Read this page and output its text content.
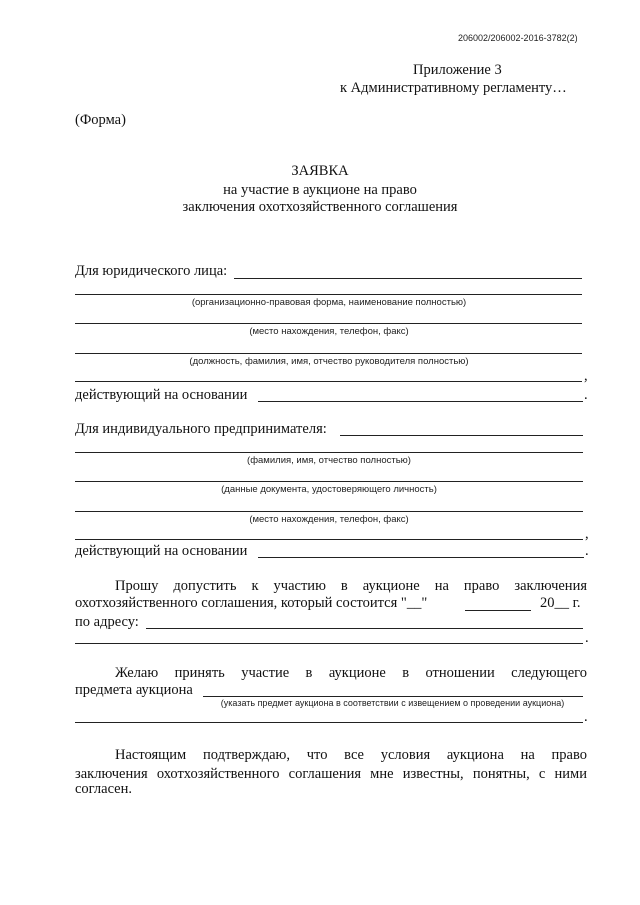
206002/206002-2016-3782(2)
Приложение 3
к Административному регламенту…
(Форма)
ЗАЯВКА
на участие в аукционе на право
заключения охотхозяйственного соглашения
Для юридического лица:
(организационно-правовая форма, наименование полностью)
(место нахождения, телефон, факс)
(должность, фамилия, имя, отчество руководителя полностью)
,
действующий на основании	.
Для индивидуального предпринимателя:
(фамилия, имя, отчество полностью)
(данные документа, удостоверяющего личность)
(место нахождения, телефон, факс)
,
действующий на основании	.
Прошу допустить к участию в аукционе на право заключения
охотхозяйственного соглашения, который состоится "__"	20__ г.
по адресу:
.
Желаю принять участие в аукционе в отношении следующего
предмета аукциона
(указать предмет аукциона в соответствии с извещением о проведении аукциона)
.
Настоящим подтверждаю, что все условия аукциона на право
заключения охотхозяйственного соглашения мне известны, понятны, с ними
согласен.
